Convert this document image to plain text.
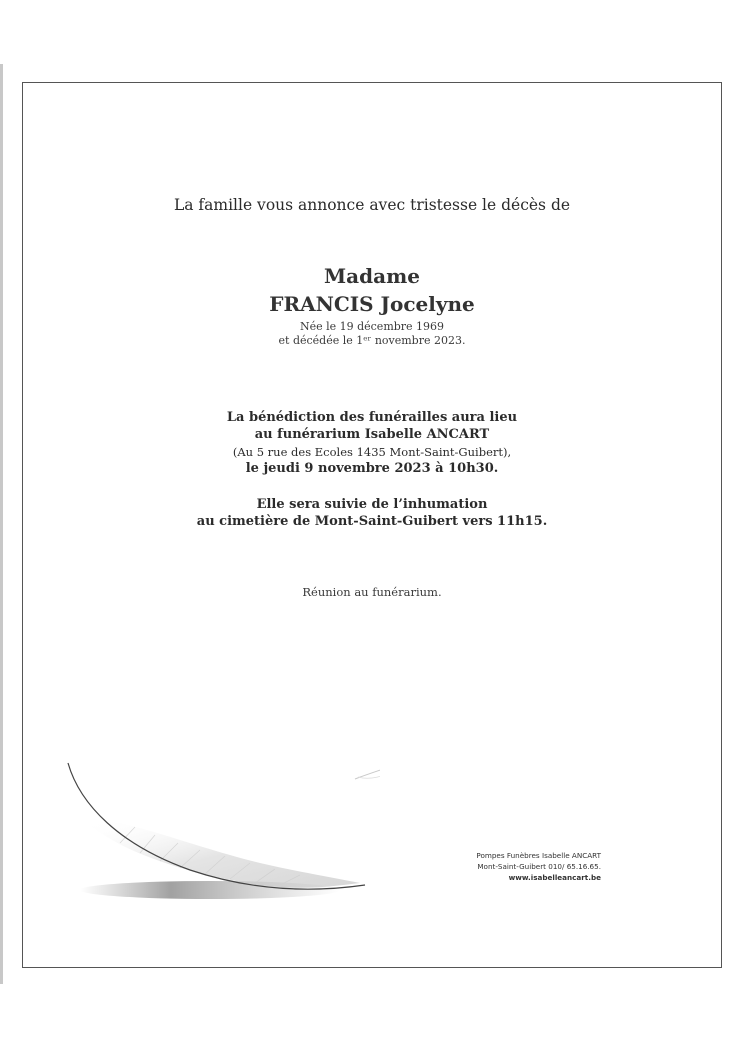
La famille vous annonce avec tristesse le décès de
Madame
FRANCIS Jocelyne
Née le 19 décembre 1969
et décédée le 1ᵉʳ novembre 2023.
La bénédiction des funérailles aura lieu
au funérarium Isabelle ANCART
(Au 5 rue des Ecoles 1435 Mont-Saint-Guibert),
le jeudi 9 novembre 2023 à 10h30.
Elle sera suivie de l’inhumation
au cimetière de Mont-Saint-Guibert vers 11h15.
Réunion au funérarium.
Pompes Funèbres Isabelle ANCART
Mont-Saint-Guibert 010/ 65.16.65.
www.isabelleancart.be
